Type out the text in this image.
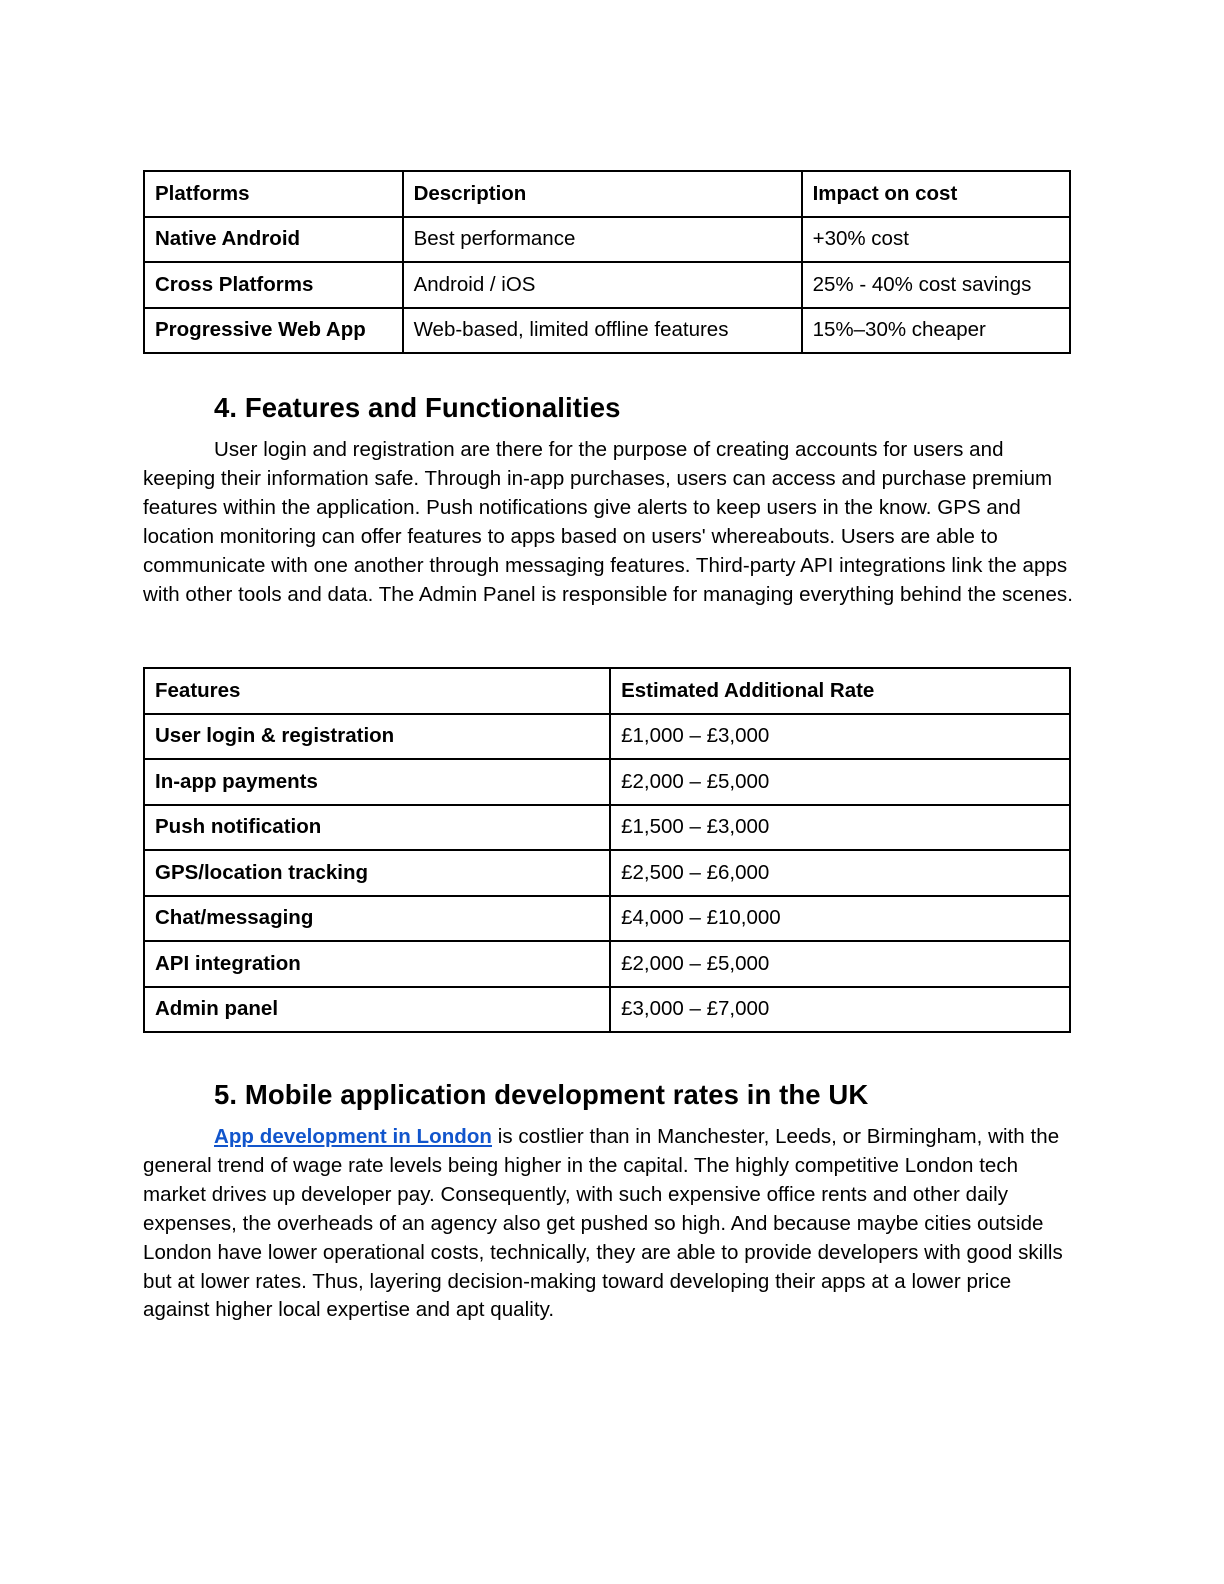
Platforms	Description	Impact on cost
Native Android	Best performance	+30% cost
Cross Platforms	Android / iOS	25% - 40% cost savings
Progressive Web App	Web-based, limited offline features	15%–30% cheaper
4. Features and Functionalities

User login and registration are there for the purpose of creating accounts for users and keeping their information safe. Through in-app purchases, users can access and purchase premium features within the application. Push notifications give alerts to keep users in the know. GPS and location monitoring can offer features to apps based on users' whereabouts. Users are able to communicate with one another through messaging features. Third-party API integrations link the apps with other tools and data. The Admin Panel is responsible for managing everything behind the scenes.

Features	Estimated Additional Rate
User login & registration	£1,000 – £3,000
In-app payments	£2,000 – £5,000
Push notification	£1,500 – £3,000
GPS/location tracking	£2,500 – £6,000
Chat/messaging	£4,000 – £10,000
API integration	£2,000 – £5,000
Admin panel	£3,000 – £7,000
5. Mobile application development rates in the UK

App development in London is costlier than in Manchester, Leeds, or Birmingham, with the general trend of wage rate levels being higher in the capital. The highly competitive London tech market drives up developer pay. Consequently, with such expensive office rents and other daily expenses, the overheads of an agency also get pushed so high. And because maybe cities outside London have lower operational costs, technically, they are able to provide developers with good skills but at lower rates. Thus, layering decision-making toward developing their apps at a lower price against higher local expertise and apt quality.
